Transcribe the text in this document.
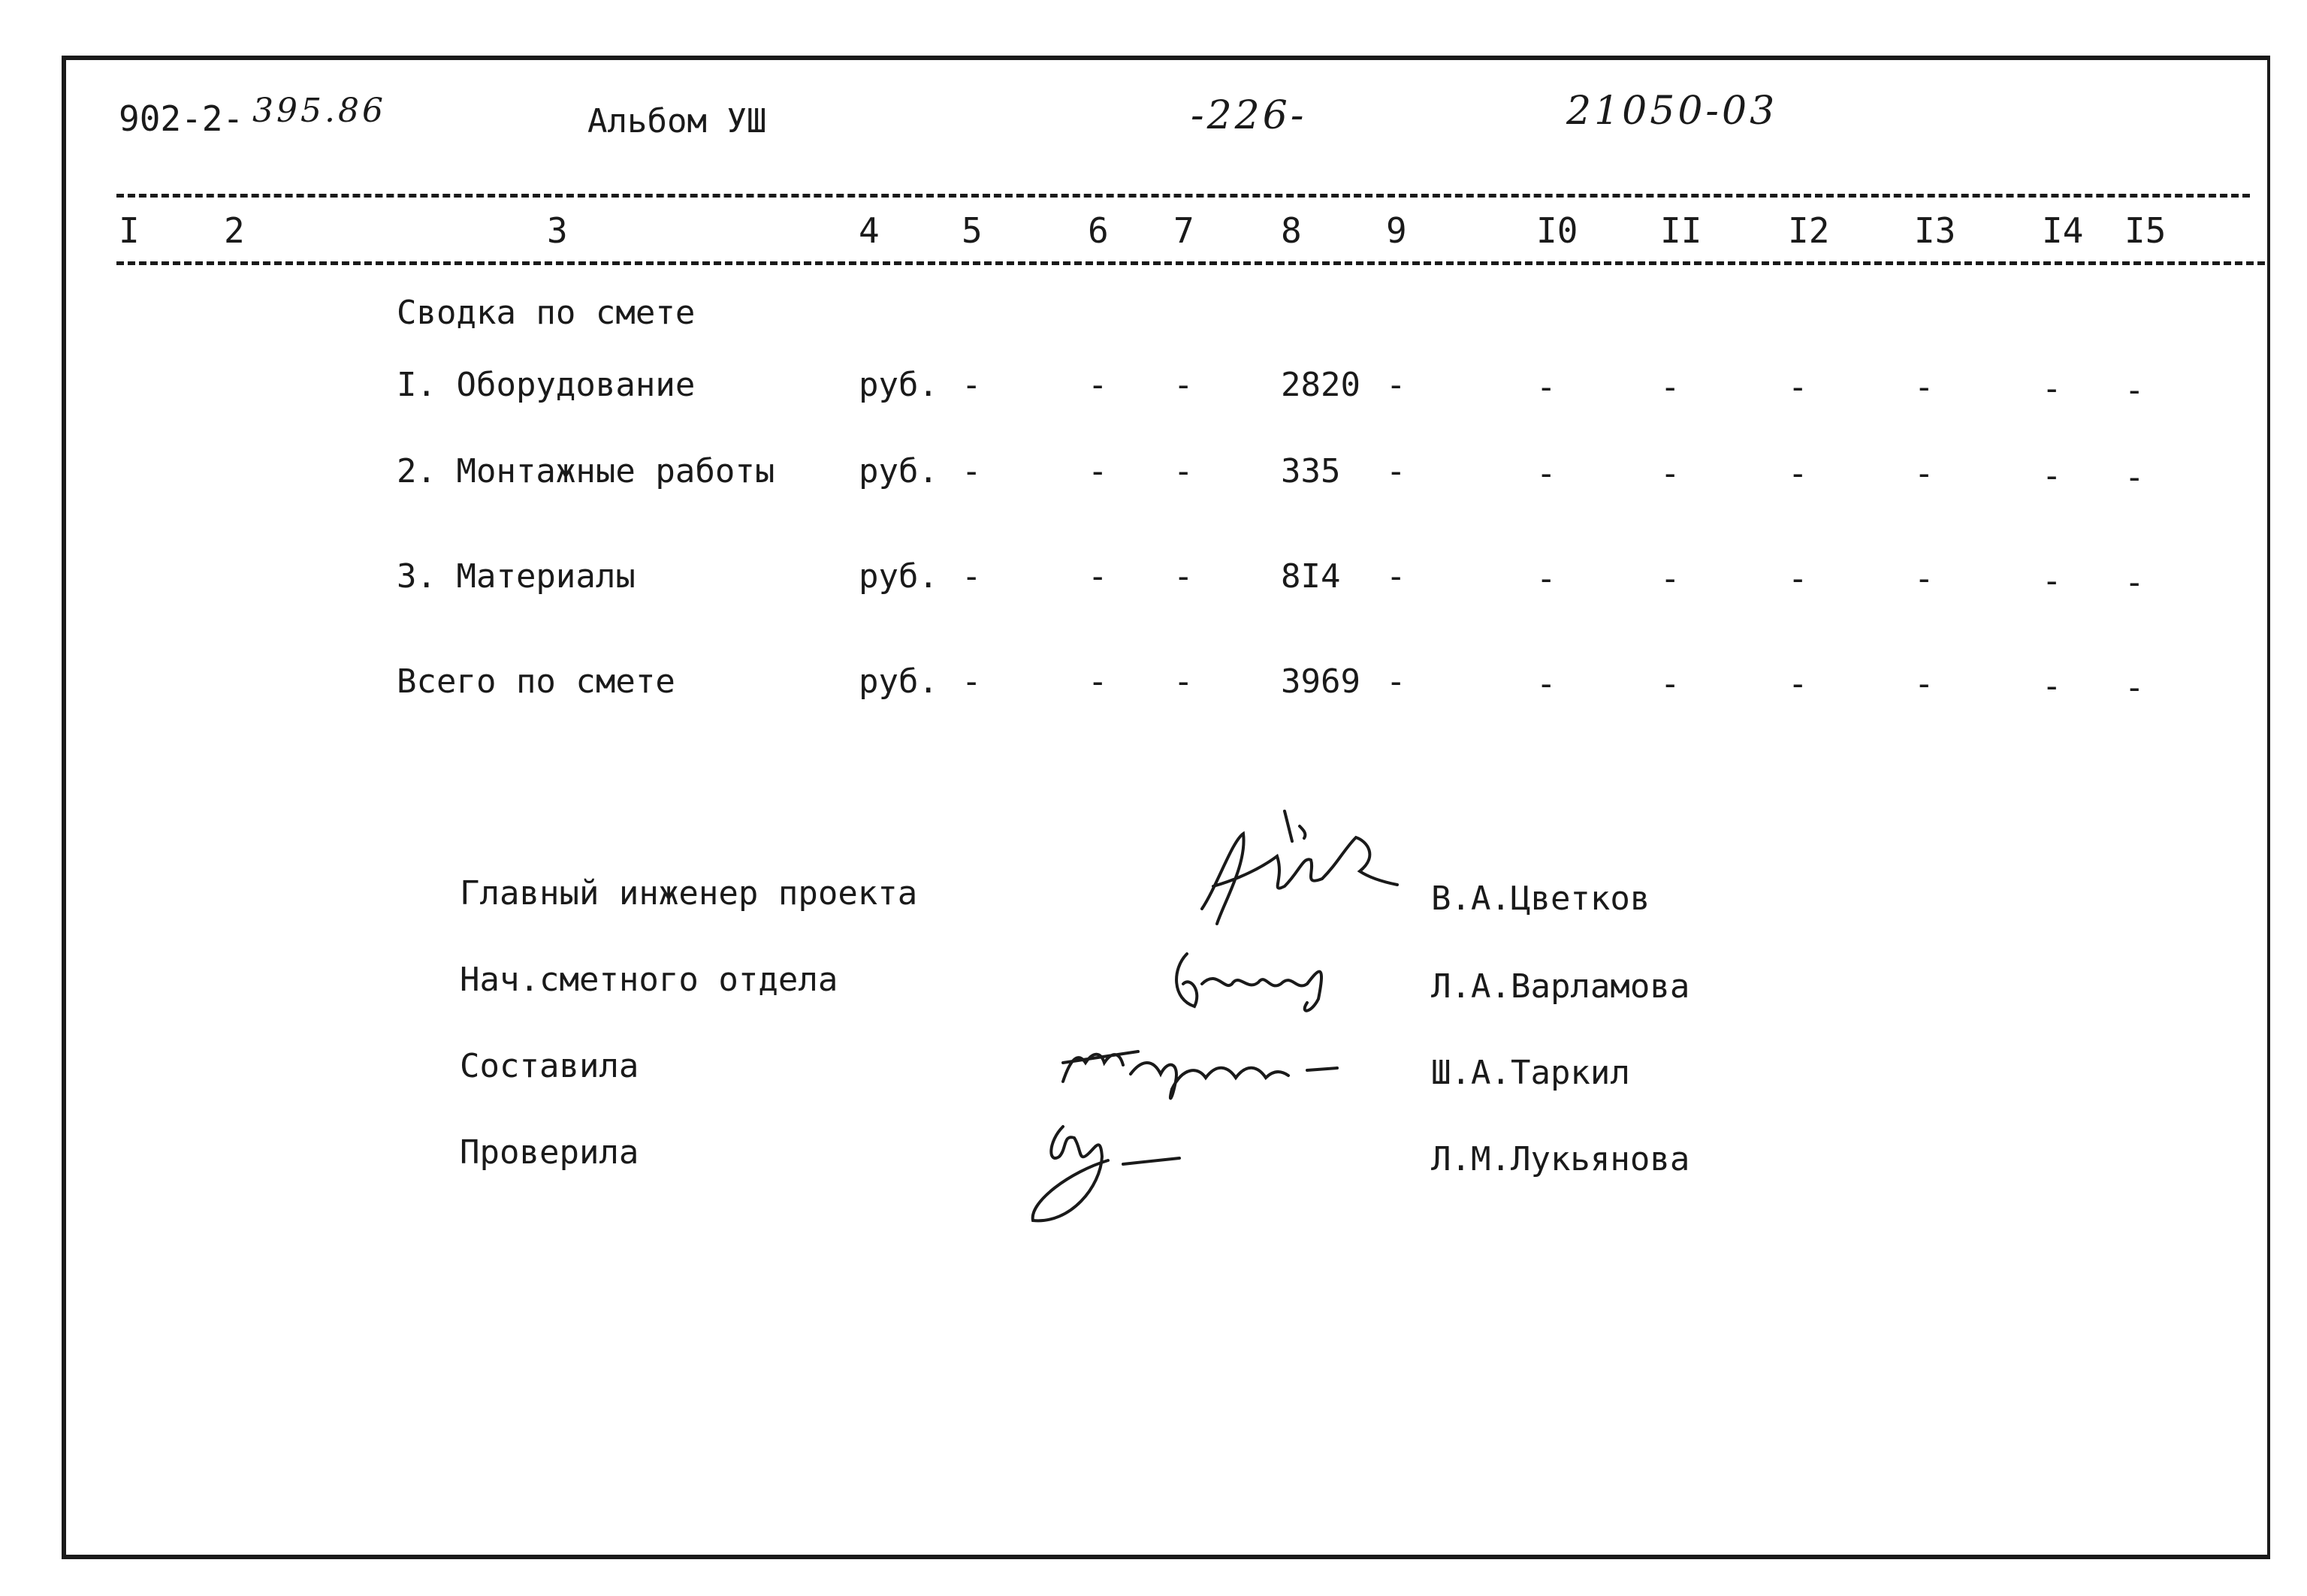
902-2- 395.86	Альбом УШ	-226-	21050-03
I 2	3	4 5	6 7	8 9	I0 II I2 I3 I4 I5
Сводка по смете
I. Оборудование	руб. -	- -	2820 -	-	-	-	-	- -
2. Монтажные работы	руб. -	- -	335 -	-	-	-	-	- -
3. Материалы	руб. -	- -	8I4 -	-	-	-	-	- -
Всего по смете	руб. -	- -	3969 -	-	-	-	-	- -
Главный инженер проекта	В.А.Цветков
Нач.сметного отдела	Л.А.Варламова
Составила	Ш.А.Таркил
Проверила	Л.М.Лукьянова
